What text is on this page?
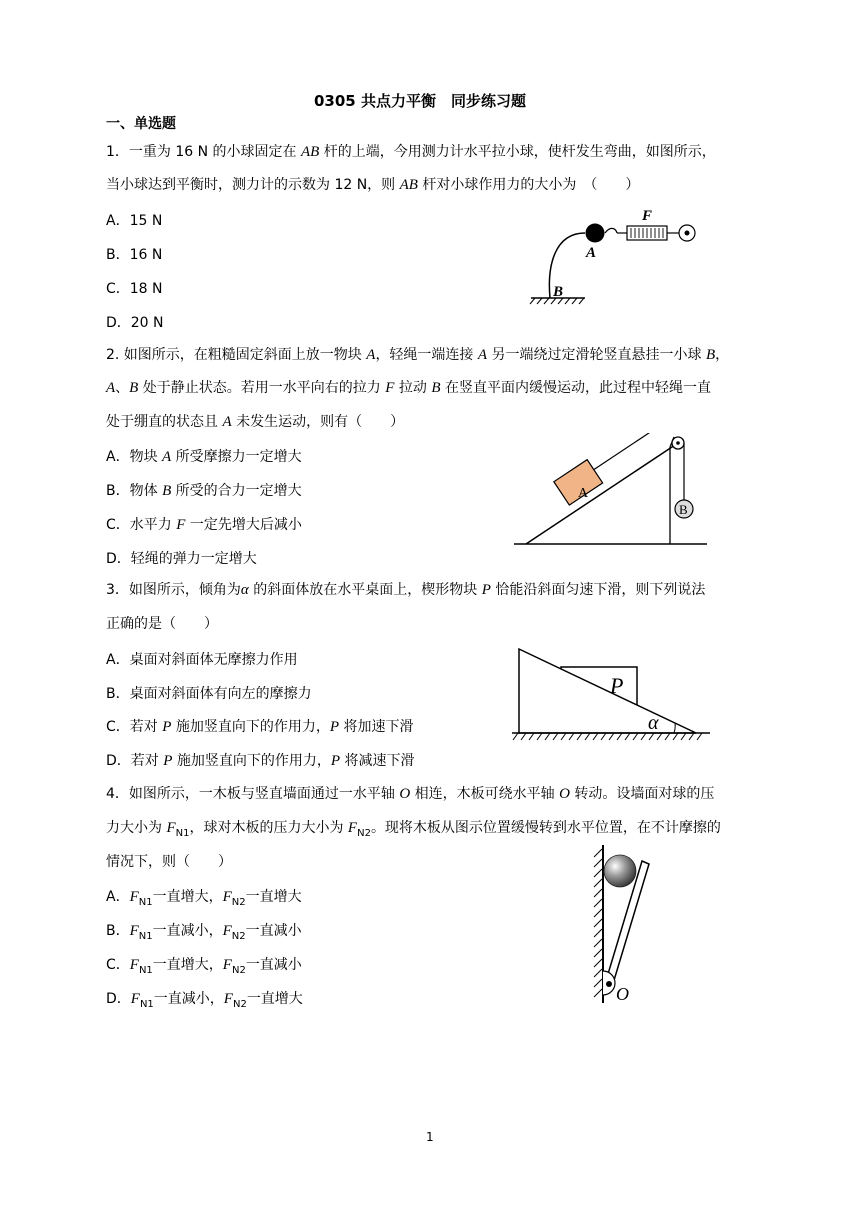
0305 共点力平衡　同步练习题
一、单选题
1．一重为 16 N 的小球固定在 AB 杆的上端，今用测力计水平拉小球，使杆发生弯曲，如图所示，
当小球达到平衡时，测力计的示数为 12 N，则 AB 杆对小球作用力的大小为　（　　）
A．15 N
B．16 N
C．18 N
D．20 N
F
A
B
2. 如图所示，在粗糙固定斜面上放一物块 A，轻绳一端连接 A 另一端绕过定滑轮竖直悬挂一小球 B，
A、B 处于静止状态。若用一水平向右的拉力 F 拉动 B 在竖直平面内缓慢运动，此过程中轻绳一直
处于绷直的状态且 A 未发生运动，则有（　　）
A．物块 A 所受摩擦力一定增大
B．物体 B 所受的合力一定增大
C．水平力 F 一定先增大后减小
D．轻绳的弹力一定增大
A
B
3．如图所示，倾角为α 的斜面体放在水平桌面上，楔形物块 P 恰能沿斜面匀速下滑，则下列说法
正确的是（　　）
A．桌面对斜面体无摩擦力作用
B．桌面对斜面体有向左的摩擦力
C．若对 P 施加竖直向下的作用力，P 将加速下滑
D．若对 P 施加竖直向下的作用力，P 将减速下滑
P
α
4．如图所示，一木板与竖直墙面通过一水平轴 O 相连，木板可绕水平轴 O 转动。设墙面对球的压
力大小为 $F_{N1}$，球对木板的压力大小为 $F_{N2}$。现将木板从图示位置缓慢转到水平位置，在不计摩擦的
情况下，则（　　）
A．$F_{N1}$一直增大，$F_{N2}$一直增大
B．$F_{N1}$一直减小，$F_{N2}$一直减小
C．$F_{N1}$一直增大，$F_{N2}$一直减小
D．$F_{N1}$一直减小，$F_{N2}$一直增大	O
1
